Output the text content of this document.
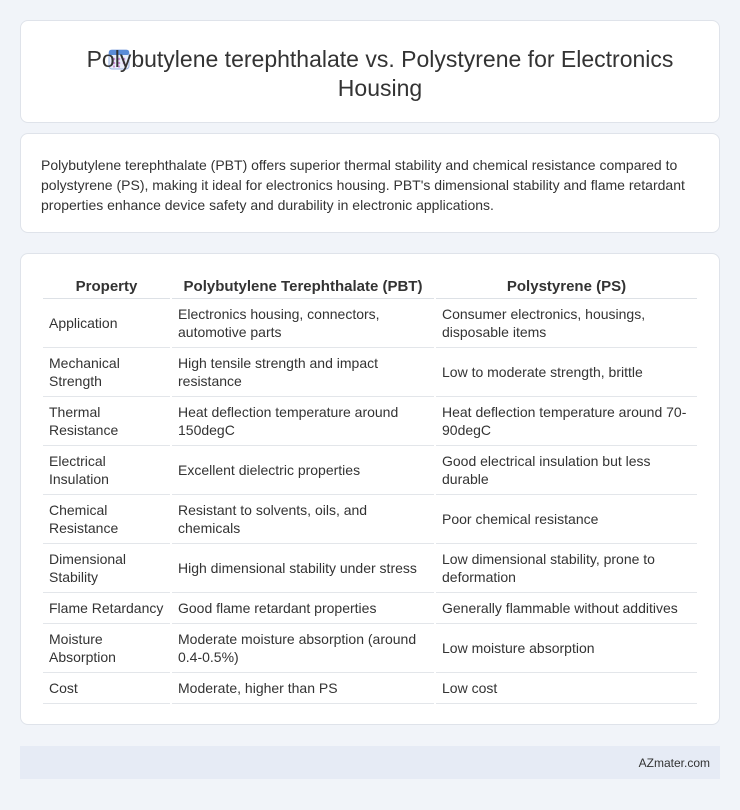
Polybutylene terephthalate vs. Polystyrene for Electronics Housing

Polybutylene terephthalate (PBT) offers superior thermal stability and chemical resistance compared to polystyrene (PS), making it ideal for electronics housing. PBT's dimensional stability and flame retardant properties enhance device safety and durability in electronic applications.

Property	Polybutylene Terephthalate (PBT)	Polystyrene (PS)
Application	Electronics housing, connectors, automotive parts	Consumer electronics, housings, disposable items
Mechanical Strength	High tensile strength and impact resistance	Low to moderate strength, brittle
Thermal Resistance	Heat deflection temperature around 150degC	Heat deflection temperature around 70-90degC
Electrical Insulation	Excellent dielectric properties	Good electrical insulation but less durable
Chemical Resistance	Resistant to solvents, oils, and chemicals	Poor chemical resistance
Dimensional Stability	High dimensional stability under stress	Low dimensional stability, prone to deformation
Flame Retardancy	Good flame retardant properties	Generally flammable without additives
Moisture Absorption	Moderate moisture absorption (around 0.4-0.5%)	Low moisture absorption
Cost	Moderate, higher than PS	Low cost
AZmater.com
